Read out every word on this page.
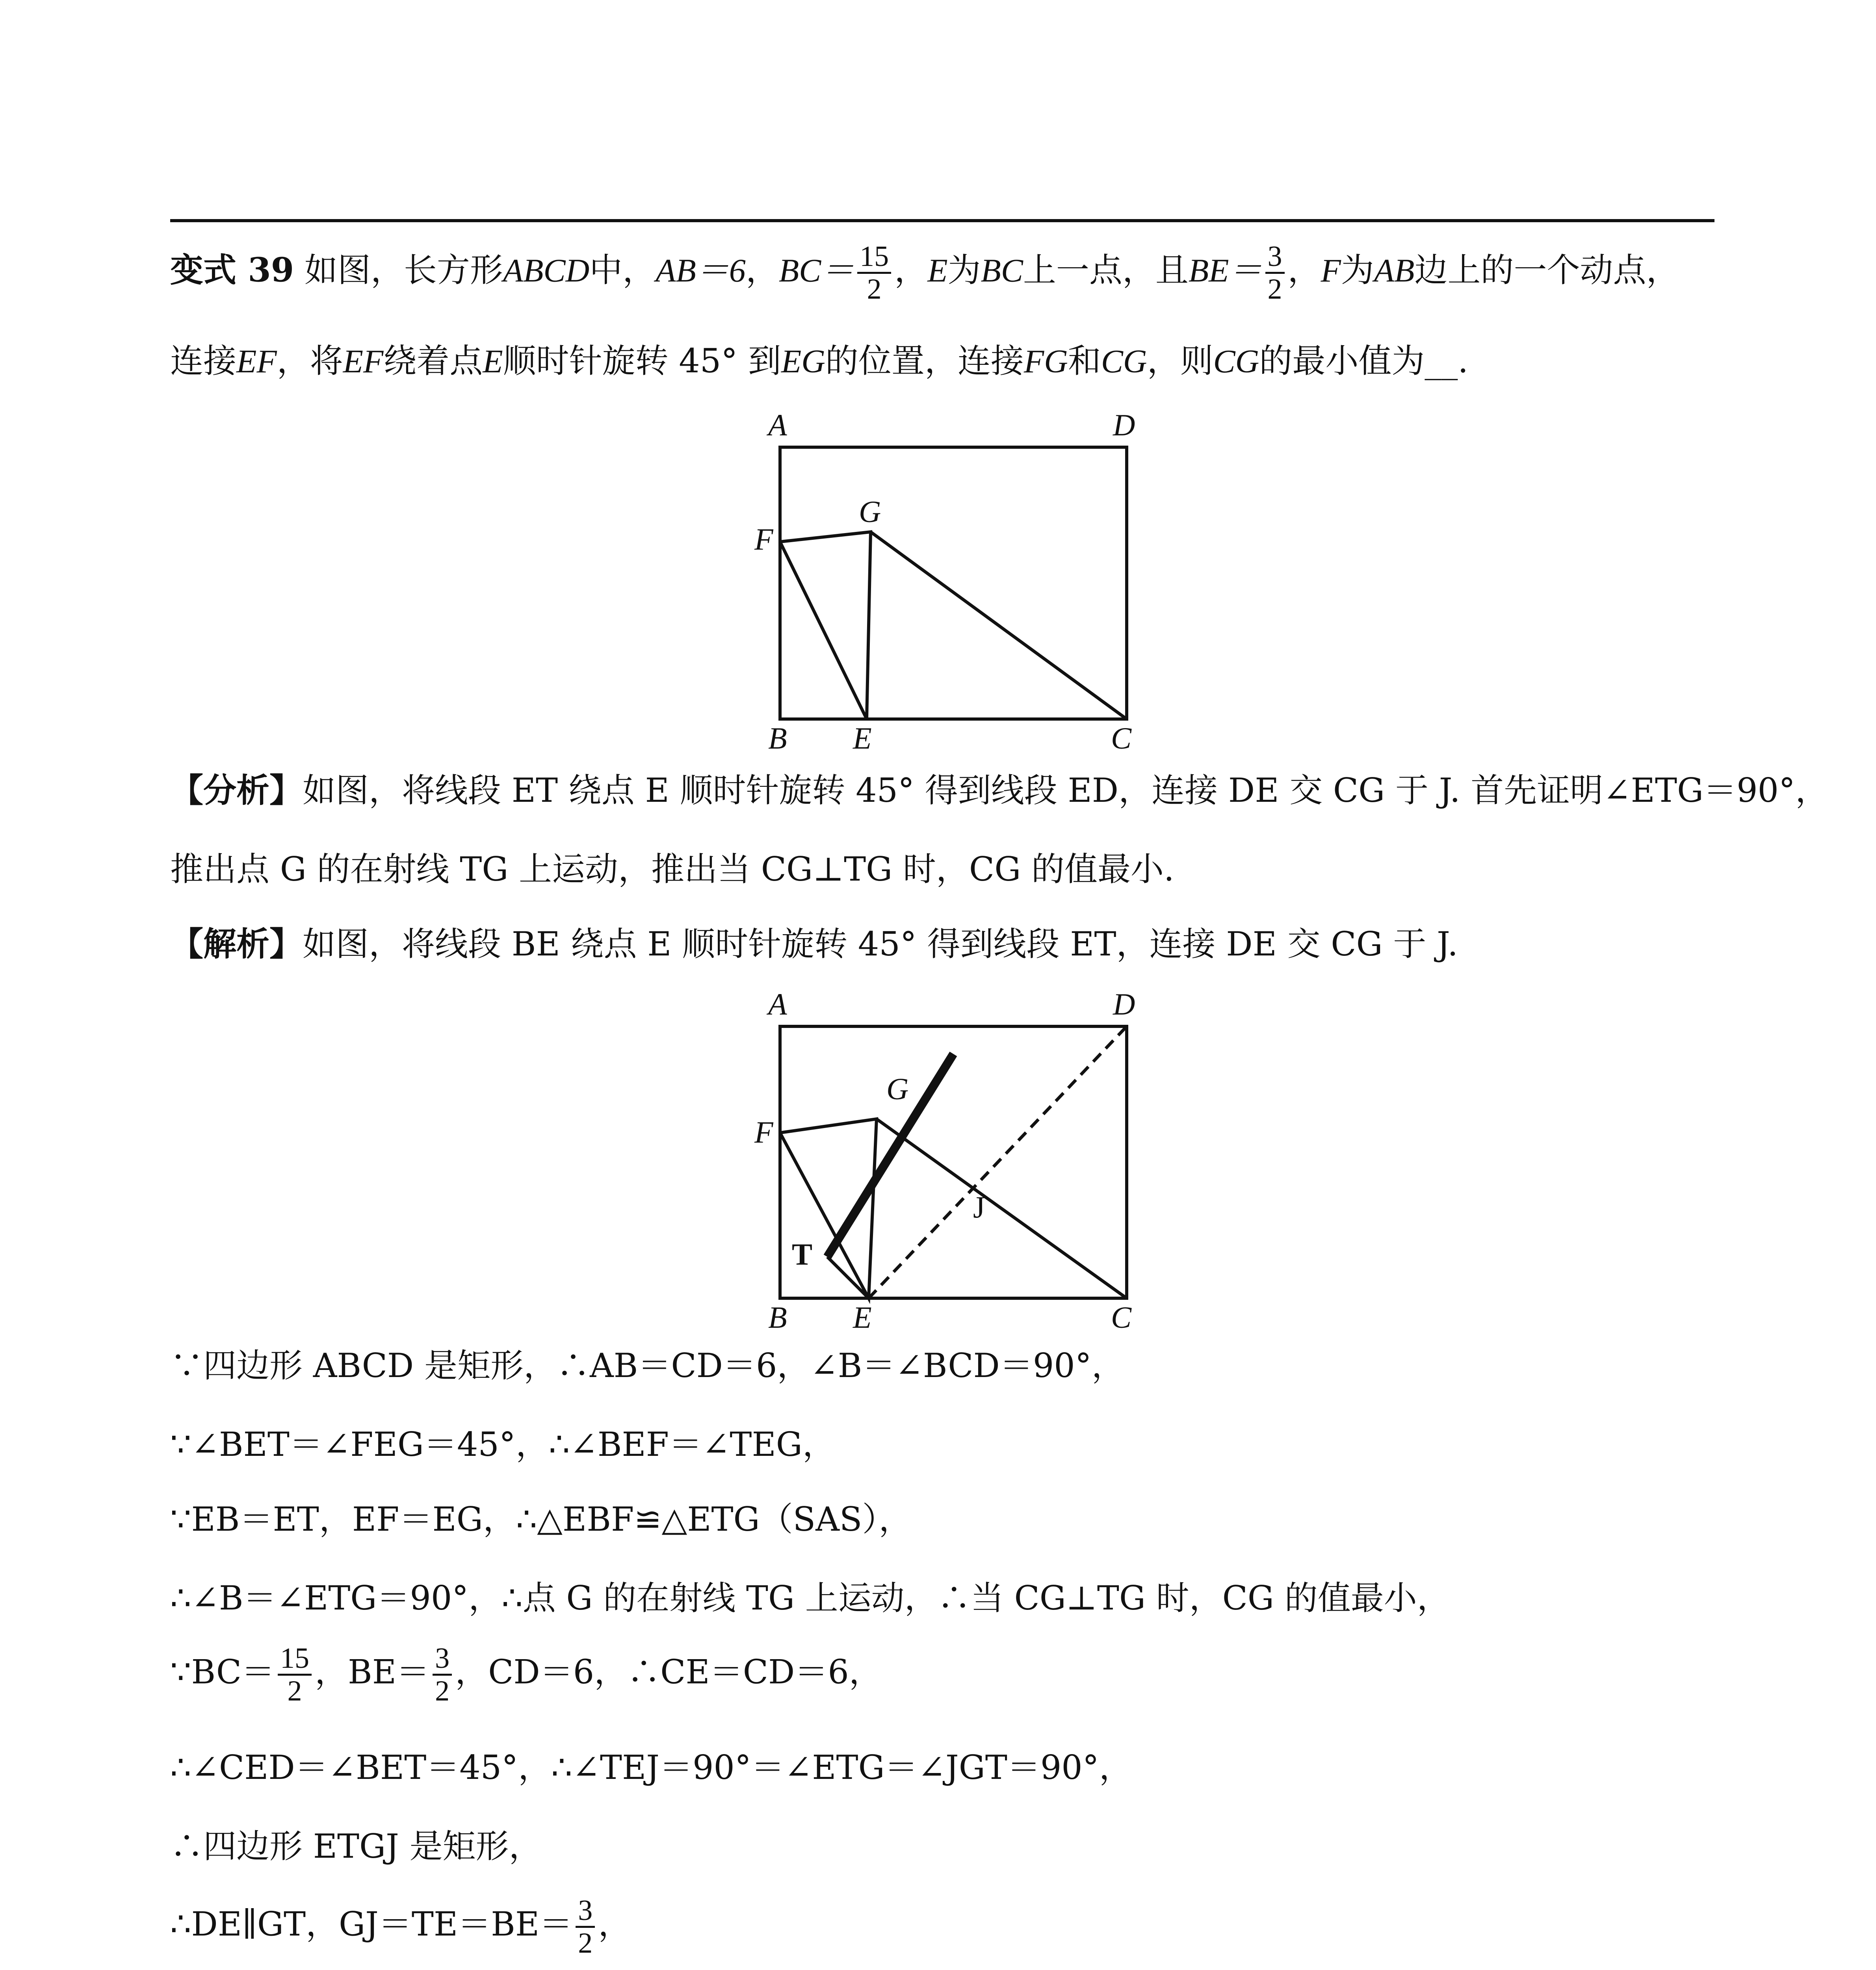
变式 39 如图，长方形ABCD中，AB＝6，$BC= \frac{15}{2}$ ，E为BC上一点，且$BE= \frac{3}{2}$ ，F为AB边上的一个动点，
连接EF，将EF绕着点E顺时针旋转 45° 到EG的位置，连接FG和CG，则CG的最小值为__.
A	D
G
F
B E	C
【分析】如图，将线段 ET 绕点 E 顺时针旋转 45° 得到线段 ED，连接 DE 交 CG 于 J. 首先证明∠ETG＝90°，
推出点 G 的在射线 TG 上运动，推出当 CG⊥TG 时，CG 的值最小.
【解析】如图，将线段 BE 绕点 E 顺时针旋转 45° 得到线段 ET，连接 DE 交 CG 于 J.
A	D
G
F
J
T
B E	C
∵四边形 ABCD 是矩形，∴AB＝CD＝6，∠B＝∠BCD＝90°，
∵∠BET＝∠FEG＝45°，∴∠BEF＝∠TEG，
∵EB＝ET，EF＝EG，∴△EBF≌△ETG（SAS），
∴∠B＝∠ETG＝90°，∴点 G 的在射线 TG 上运动，∴当 CG⊥TG 时，CG 的值最小，
∵BC＝ $\frac{15}{2}$ ，$BE= \frac{3}{2}$ ，CD＝6，∴CE＝CD＝6，
∴∠CED＝∠BET＝45°，∴∠TEJ＝90°＝∠ETG＝∠JGT＝90°，
∴四边形 ETGJ 是矩形，
∴DE∥GT，$GJ=TE=BE= \frac{3}{2}$ ，
